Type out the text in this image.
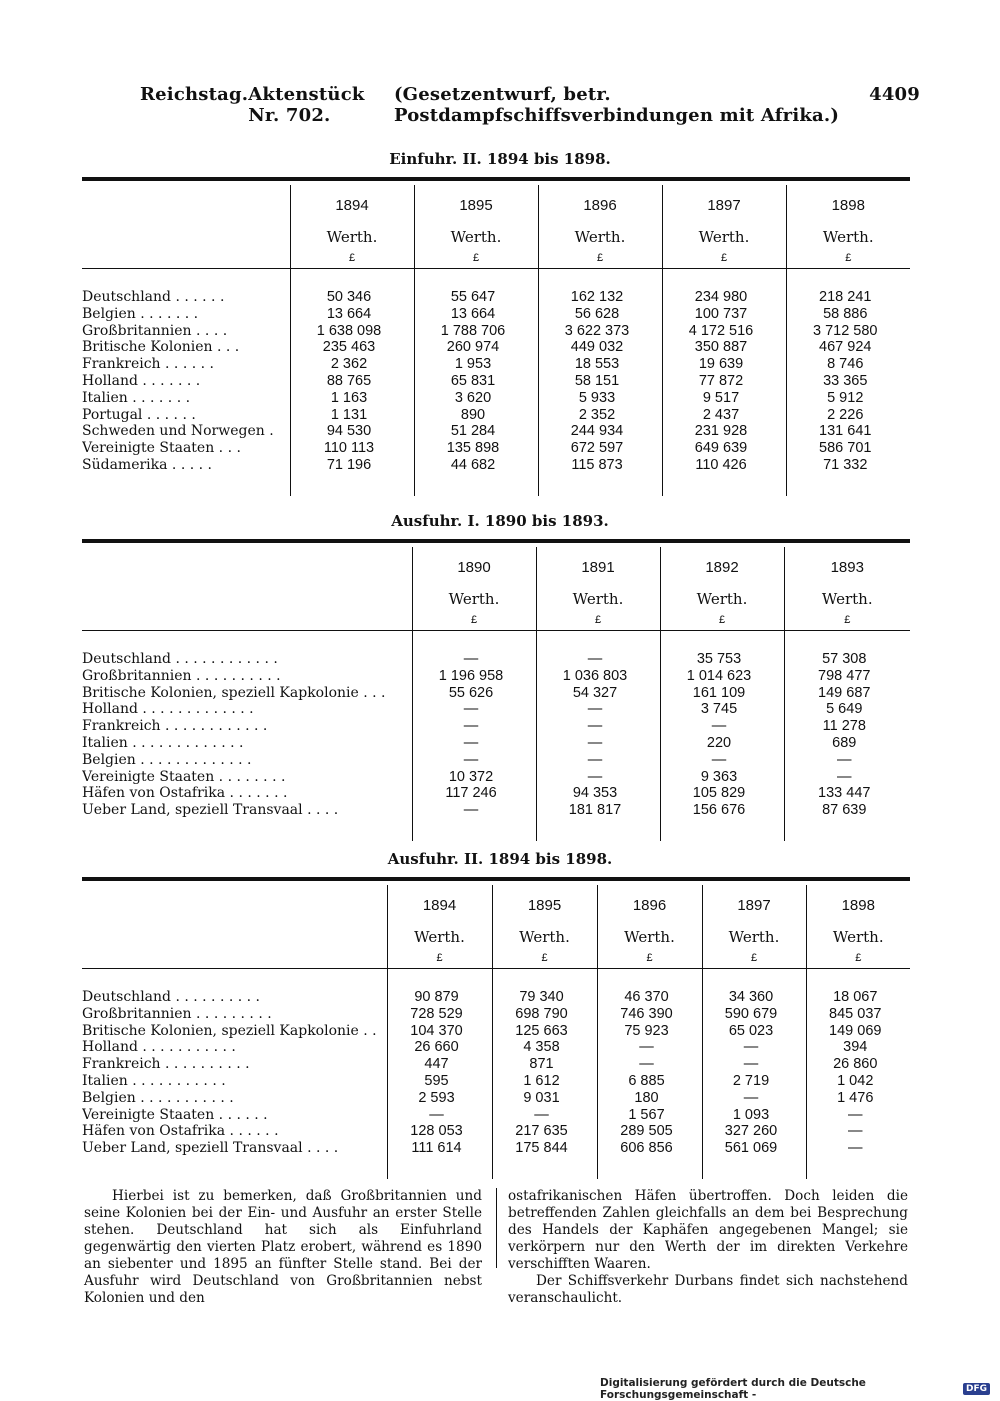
Reichstag. Aktenstück Nr. 702.
(Gesetzentwurf, betr. Postdampfschiffsverbindungen mit Afrika.)
4409
Einfuhr. II. 1894 bis 1898.

	1894
Werth.
£	1895
Werth.
£	1896
Werth.
£	1897
Werth.
£	1898
Werth.
£

Deutschland . . . . . .	50 346	55 647	162 132	234 980	218 241
Belgien . . . . . . .	13 664	13 664	56 628	100 737	58 886
Großbritannien . . . .	1 638 098	1 788 706	3 622 373	4 172 516	3 712 580
Britische Kolonien . . .	235 463	260 974	449 032	350 887	467 924
Frankreich . . . . . .	2 362	1 953	18 553	19 639	8 746
Holland . . . . . . .	88 765	65 831	58 151	77 872	33 365
Italien . . . . . . .	1 163	3 620	5 933	9 517	5 912
Portugal . . . . . .	1 131	890	2 352	2 437	2 226
Schweden und Norwegen .	94 530	51 284	244 934	231 928	131 641
Vereinigte Staaten . . .	110 113	135 898	672 597	649 639	586 701
Südamerika . . . . .	71 196	44 682	115 873	110 426	71 332

Ausfuhr. I. 1890 bis 1893.

	1890
Werth.
£	1891
Werth.
£	1892
Werth.
£	1893
Werth.
£

Deutschland . . . . . . . . . . . .	—	—	35 753	57 308
Großbritannien . . . . . . . . . .	1 196 958	1 036 803	1 014 623	798 477
Britische Kolonien, speziell Kapkolonie . . .	55 626	54 327	161 109	149 687
Holland . . . . . . . . . . . . .	—	—	3 745	5 649
Frankreich . . . . . . . . . . . .	—	—	—	11 278
Italien . . . . . . . . . . . . .	—	—	220	689
Belgien . . . . . . . . . . . . .	—	—	—	—
Vereinigte Staaten . . . . . . . .	10 372	—	9 363	—
Häfen von Ostafrika . . . . . . .	117 246	94 353	105 829	133 447
Ueber Land, speziell Transvaal . . . .	—	181 817	156 676	87 639

Ausfuhr. II. 1894 bis 1898.

	1894
Werth.
£	1895
Werth.
£	1896
Werth.
£	1897
Werth.
£	1898
Werth.
£

Deutschland . . . . . . . . . .	90 879	79 340	46 370	34 360	18 067
Großbritannien . . . . . . . . .	728 529	698 790	746 390	590 679	845 037
Britische Kolonien, speziell Kapkolonie . .	104 370	125 663	75 923	65 023	149 069
Holland . . . . . . . . . . .	26 660	4 358	—	—	394
Frankreich . . . . . . . . . .	447	871	—	—	26 860
Italien . . . . . . . . . . .	595	1 612	6 885	2 719	1 042
Belgien . . . . . . . . . . .	2 593	9 031	180	—	1 476
Vereinigte Staaten . . . . . .	—	—	1 567	1 093	—
Häfen von Ostafrika . . . . . .	128 053	217 635	289 505	327 260	—
Ueber Land, speziell Transvaal . . . .	111 614	175 844	606 856	561 069	—

Hierbei ist zu bemerken, daß Großbritannien und seine Kolonien bei der Ein- und Ausfuhr an erster Stelle stehen. Deutschland hat sich als Einfuhrland gegenwärtig den vierten Platz erobert, während es 1890 an siebenter und 1895 an fünfter Stelle stand. Bei der Ausfuhr wird Deutschland von Großbritannien nebst Kolonien und den

ostafrikanischen Häfen übertroffen. Doch leiden die betreffenden Zahlen gleichfalls an dem bei Besprechung des Handels der Kaphäfen angegebenen Mangel; sie verkörpern nur den Werth der im direkten Verkehre verschifften Waaren.

Der Schiffsverkehr Durbans findet sich nachstehend veranschaulicht.

Digitalisierung gefördert durch die Deutsche Forschungsgemeinschaft -	DFG
